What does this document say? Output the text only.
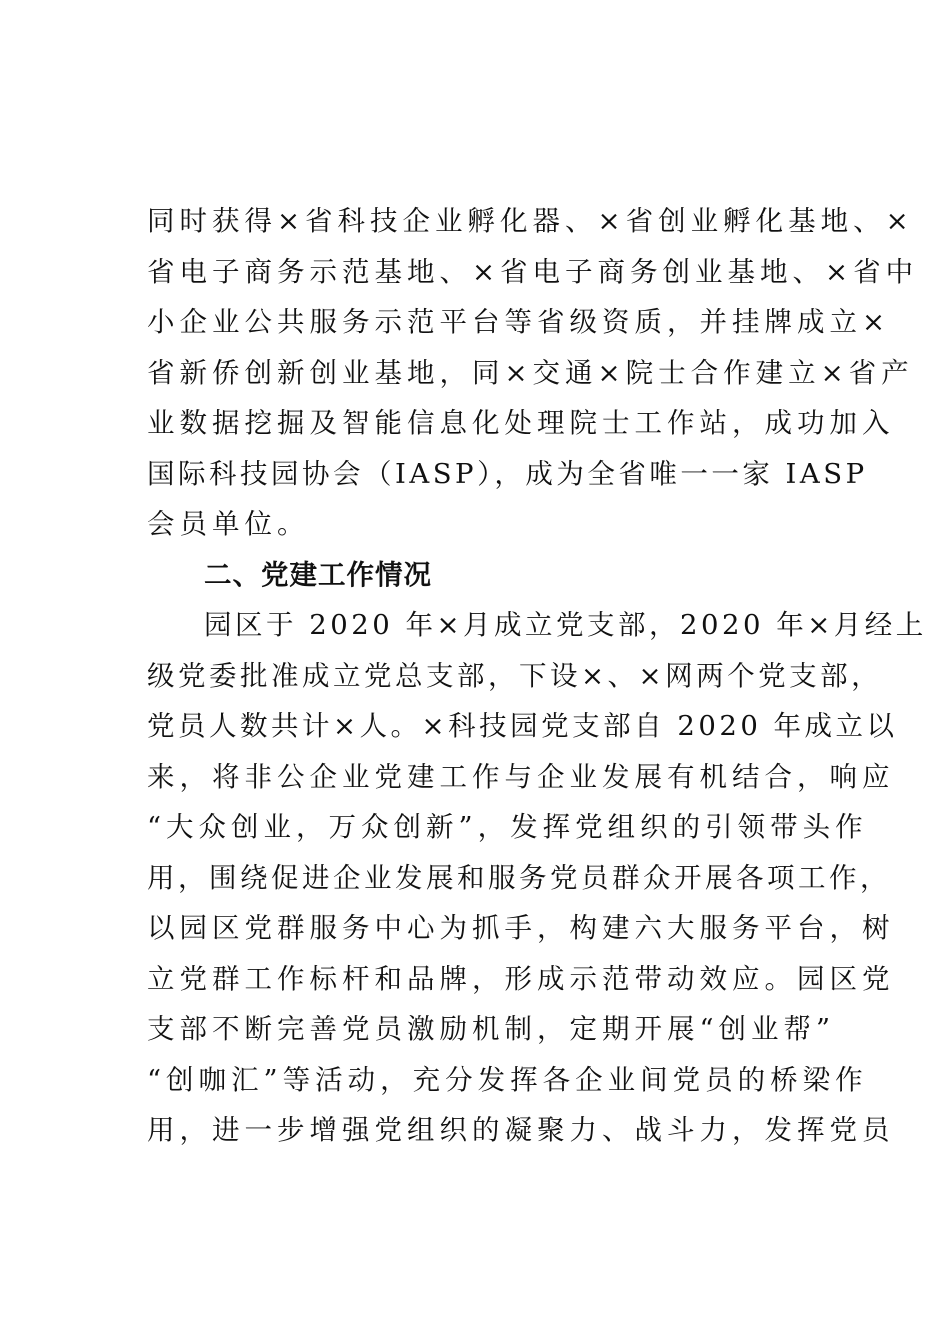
同时获得×省科技企业孵化器、×省创业孵化基地、×
省电子商务示范基地、×省电子商务创业基地、×省中
小企业公共服务示范平台等省级资质，并挂牌成立×
省新侨创新创业基地，同×交通×院士合作建立×省产
业数据挖掘及智能信息化处理院士工作站，成功加入
国际科技园协会（IASP），成为全省唯一一家 IASP
会员单位。
二、党建工作情况
园区于 2020 年×月成立党支部，2020 年×月经上
级党委批准成立党总支部，下设×、×网两个党支部，
党员人数共计×人。×科技园党支部自 2020 年成立以
来，将非公企业党建工作与企业发展有机结合，响应
“大众创业，万众创新”，发挥党组织的引领带头作
用，围绕促进企业发展和服务党员群众开展各项工作，
以园区党群服务中心为抓手，构建六大服务平台，树
立党群工作标杆和品牌，形成示范带动效应。园区党
支部不断完善党员激励机制，定期开展“创业帮”
“创咖汇”等活动，充分发挥各企业间党员的桥梁作
用，进一步增强党组织的凝聚力、战斗力，发挥党员
